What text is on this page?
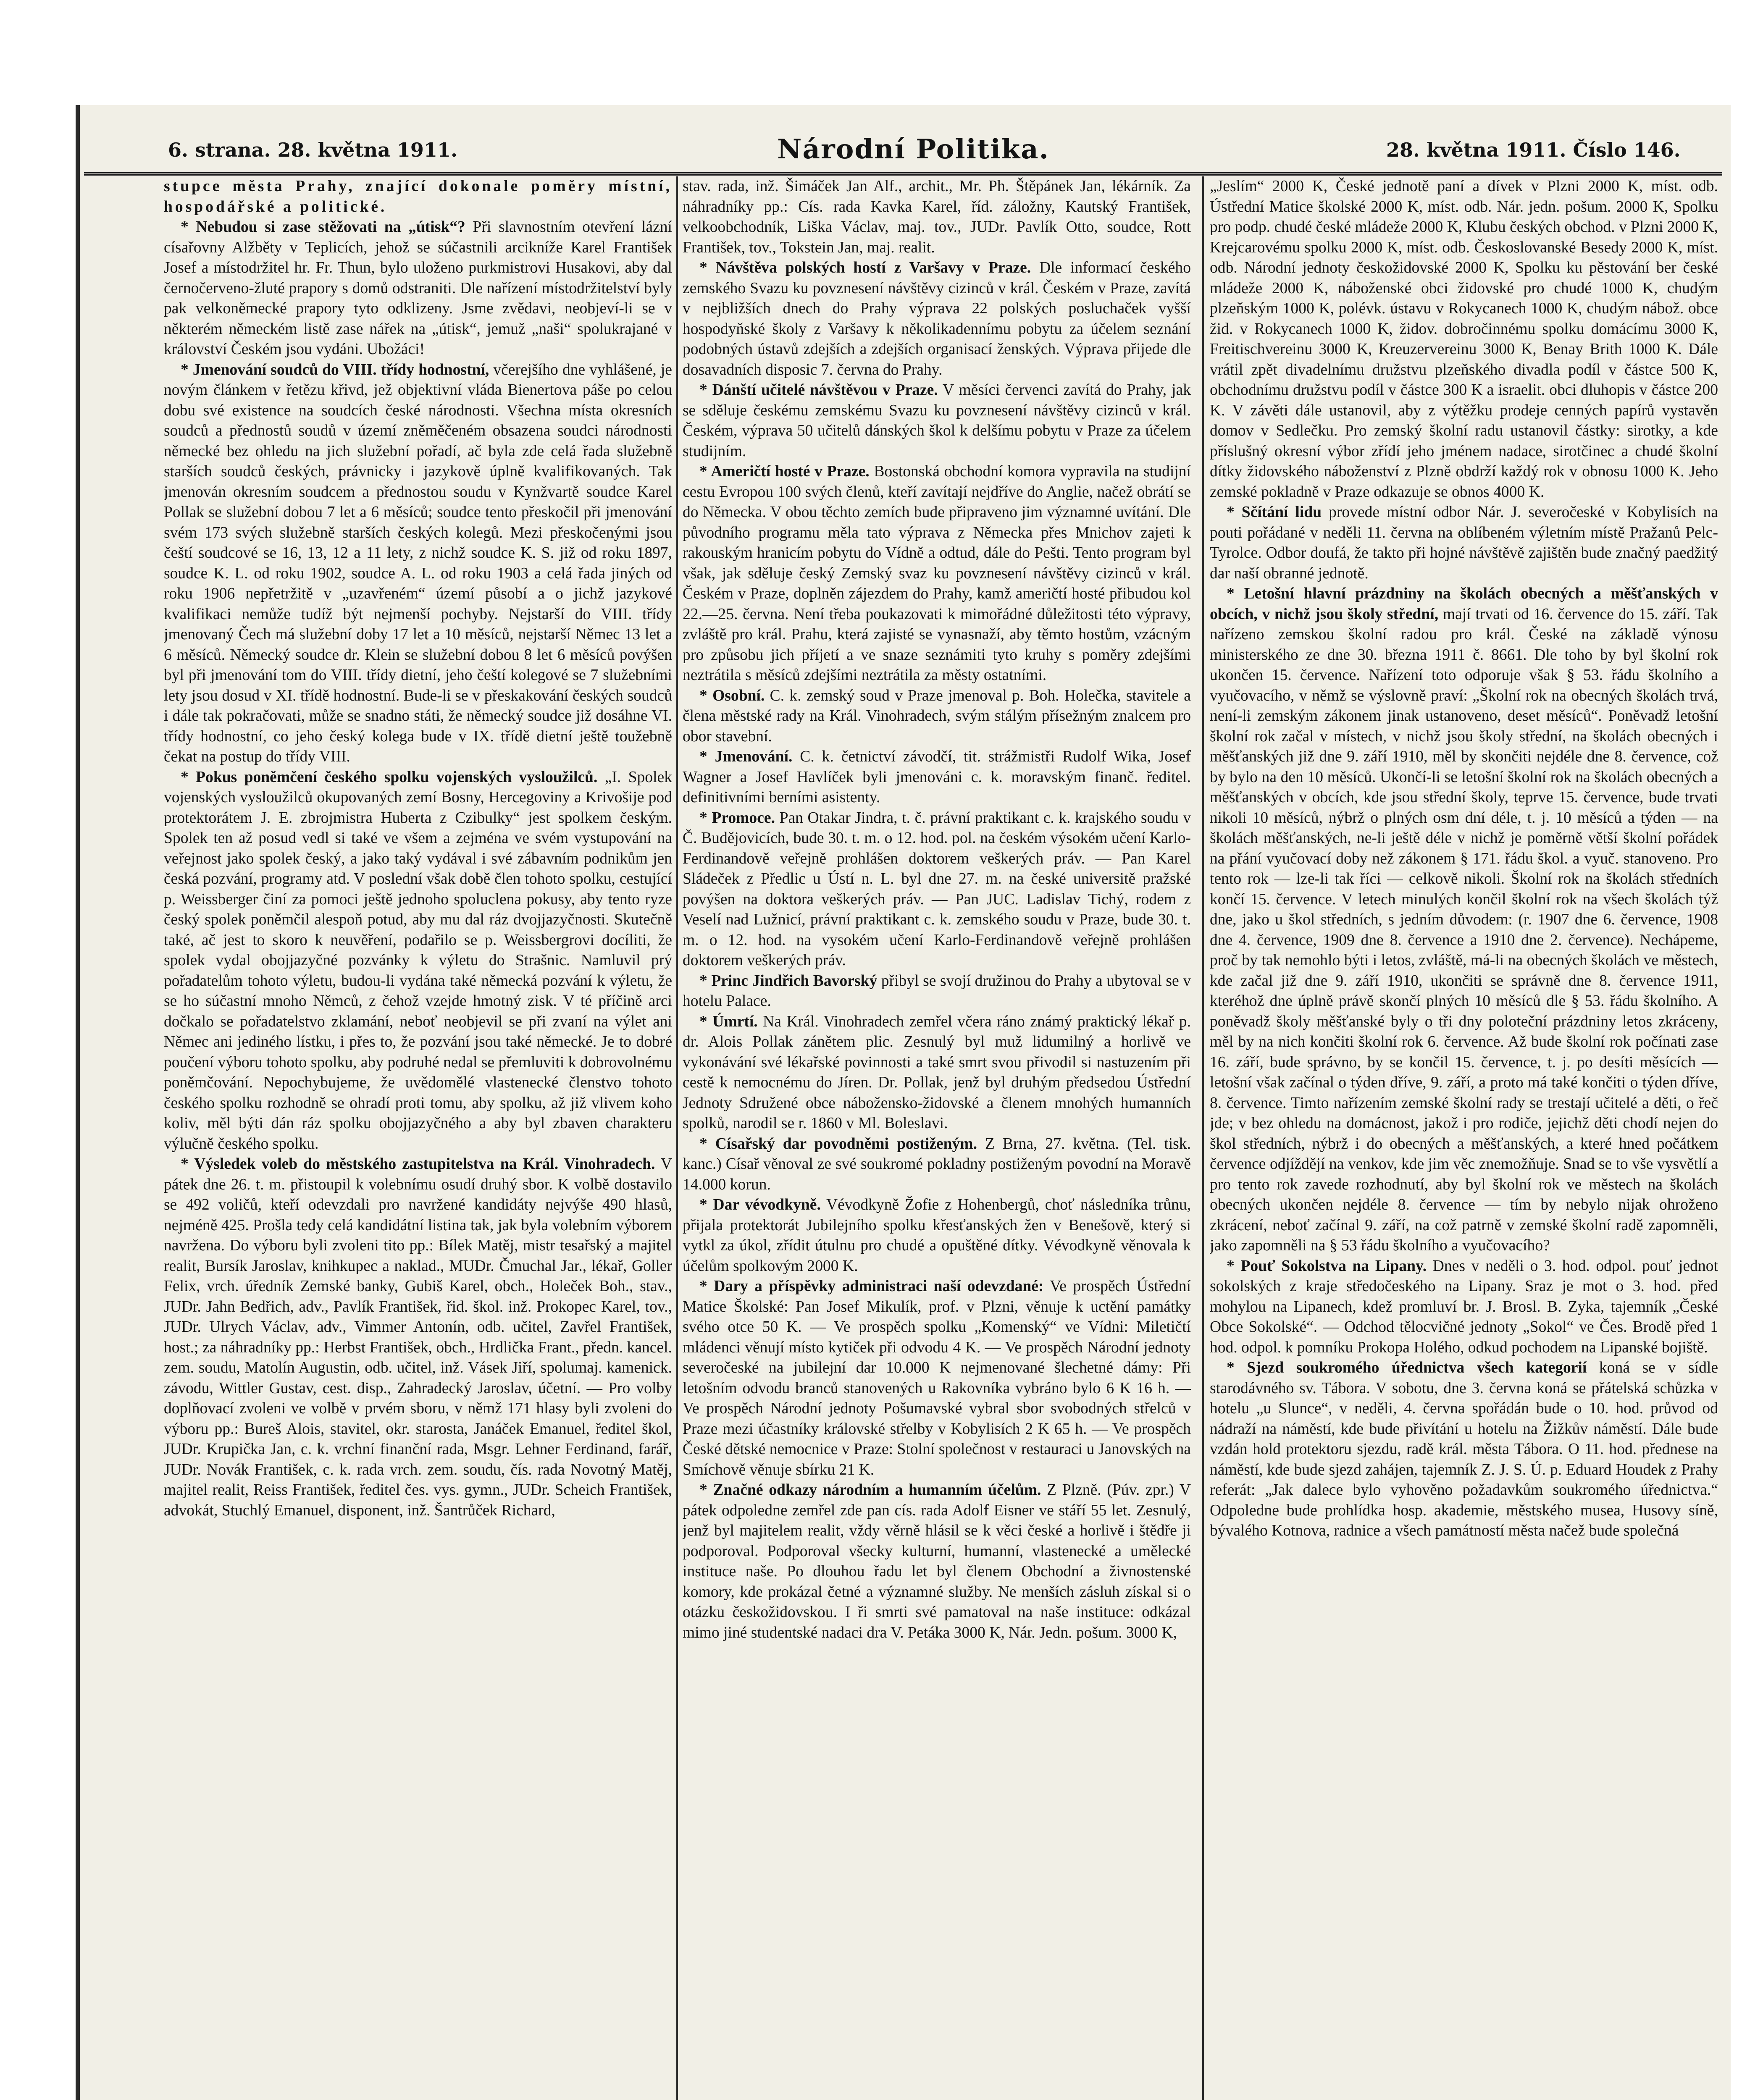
6. strana. 28. května 1911.	Národní Politika.	28. května 1911. Číslo 146.

stupce města Prahy, znající dokonale poměry místní, hospodářské a politické.

* Nebudou si zase stěžovati na „útisk“? Při slavnostním otevření lázní císařovny Alžběty v Teplicích, jehož se súčastnili arcikníže Karel František Josef a místodržitel hr. Fr. Thun, bylo uloženo purkmistrovi Husakovi, aby dal černočerveno-žluté prapory s domů odstraniti. Dle nařízení místodržitelství byly pak velkoněmecké prapory tyto odklizeny. Jsme zvědavi, neobjeví-li se v některém německém listě zase nářek na „útisk“, jemuž „naši“ spolukrajané v království Českém jsou vydáni. Ubožáci!

* Jmenování soudců do VIII. třídy hodnostní, včerejšího dne vyhlášené, je novým článkem v řetězu křivd, jež objektivní vláda Bienertova páše po celou dobu své existence na soudcích české národnosti. Všechna místa okresních soudců a přednostů soudů v území zněměčeném obsazena soudci národnosti německé bez ohledu na jich služební pořadí, ač byla zde celá řada služebně starších soudců českých, právnicky i jazykově úplně kvalifikovaných. Tak jmenován okresním soudcem a přednostou soudu v Kynžvartě soudce Karel Pollak se služební dobou 7 let a 6 měsíců; soudce tento přeskočil při jmenování svém 173 svých služebně starších českých kolegů. Mezi přeskočenými jsou čeští soudcové se 16, 13, 12 a 11 lety, z nichž soudce K. S. již od roku 1897, soudce K. L. od roku 1902, soudce A. L. od roku 1903 a celá řada jiných od roku 1906 nepřetržitě v „uzavřeném“ území působí a o jichž jazykové kvalifikaci nemůže tudíž být nejmenší pochyby. Nejstarší do VIII. třídy jmenovaný Čech má služební doby 17 let a 10 měsíců, nejstarší Němec 13 let a 6 měsíců. Německý soudce dr. Klein se služební dobou 8 let 6 měsíců povýšen byl při jmenování tom do VIII. třídy dietní, jeho čeští kolegové se 7 služebními lety jsou dosud v XI. třídě hodnostní. Bude-li se v přeskakování českých soudců i dále tak pokračovati, může se snadno státi, že německý soudce již dosáhne VI. třídy hodnostní, co jeho český kolega bude v IX. třídě dietní ještě toužebně čekat na postup do třídy VIII.

* Pokus poněmčení českého spolku vojenských vysloužilců. „I. Spolek vojenských vysloužilců okupovaných zemí Bosny, Hercegoviny a Krivošije pod protektorátem J. E. zbrojmistra Huberta z Czibulky“ jest spolkem českým. Spolek ten až posud vedl si také ve všem a zejména ve svém vystupování na veřejnost jako spolek český, a jako taký vydával i své zábavním podnikům jen česká pozvání, programy atd. V poslední však době člen tohoto spolku, cestující p. Weissberger činí za pomoci ještě jednoho spoluclena pokusy, aby tento ryze český spolek poněmčil alespoň potud, aby mu dal ráz dvojjazyčnosti. Skutečně také, ač jest to skoro k neuvěření, podařilo se p. Weissbergrovi docíliti, že spolek vydal obojjazyčné pozvánky k výletu do Strašnic. Namluvil prý pořadatelům tohoto výletu, budou-li vydána také německá pozvání k výletu, že se ho súčastní mnoho Němců, z čehož vzejde hmotný zisk. V té příčině arci dočkalo se pořadatelstvo zklamání, neboť neobjevil se při zvaní na výlet ani Němec ani jediného lístku, i přes to, že pozvání jsou také německé. Je to dobré poučení výboru tohoto spolku, aby podruhé nedal se přemluviti k dobrovolnému poněmčování. Nepochybujeme, že uvědomělé vlastenecké členstvo tohoto českého spolku rozhodně se ohradí proti tomu, aby spolku, až již vlivem koho koliv, měl býti dán ráz spolku obojjazyčného a aby byl zbaven charakteru výlučně českého spolku.

* Výsledek voleb do městského zastupitelstva na Král. Vinohradech. V pátek dne 26. t. m. přistoupil k volebnímu osudí druhý sbor. K volbě dostavilo se 492 voličů, kteří odevzdali pro navržené kandidáty nejvýše 490 hlasů, nejméně 425. Prošla tedy celá kandidátní listina tak, jak byla volebním výborem navržena. Do výboru byli zvoleni tito pp.: Bílek Matěj, mistr tesařský a majitel realit, Bursík Jaroslav, knihkupec a naklad., MUDr. Čmuchal Jar., lékař, Goller Felix, vrch. úředník Zemské banky, Gubiš Karel, obch., Holeček Boh., stav., JUDr. Jahn Bedřich, adv., Pavlík František, řid. škol. inž. Prokopec Karel, tov., JUDr. Ulrych Václav, adv., Vimmer Antonín, odb. učitel, Zavřel František, host.; za náhradníky pp.: Herbst František, obch., Hrdlička Frant., předn. kancel. zem. soudu, Matolín Augustin, odb. učitel, inž. Vásek Jiří, spolumaj. kamenick. závodu, Wittler Gustav, cest. disp., Zahradecký Jaroslav, účetní. — Pro volby doplňovací zvoleni ve volbě v prvém sboru, v němž 171 hlasy byli zvoleni do výboru pp.: Bureš Alois, stavitel, okr. starosta, Janáček Emanuel, ředitel škol, JUDr. Krupička Jan, c. k. vrchní finanční rada, Msgr. Lehner Ferdinand, farář, JUDr. Novák František, c. k. rada vrch. zem. soudu, čís. rada Novotný Matěj, majitel realit, Reiss František, ředitel čes. vys. gymn., JUDr. Scheich František, advokát, Stuchlý Emanuel, disponent, inž. Šantrůček Richard,

stav. rada, inž. Šimáček Jan Alf., archit., Mr. Ph. Štěpánek Jan, lékárník. Za náhradníky pp.: Cís. rada Kavka Karel, říd. záložny, Kautský František, velkoobchodník, Liška Václav, maj. tov., JUDr. Pavlík Otto, soudce, Rott František, tov., Tokstein Jan, maj. realit.

* Návštěva polských hostí z Varšavy v Praze. Dle informací českého zemského Svazu ku povznesení návštěvy cizinců v král. Českém v Praze, zavítá v nejbližších dnech do Prahy výprava 22 polských posluchaček vyšší hospodyňské školy z Varšavy k několikadennímu pobytu za účelem seznání podobných ústavů zdejších a zdejších organisací ženských. Výprava přijede dle dosavadních disposic 7. června do Prahy.

* Dánští učitelé návštěvou v Praze. V měsíci červenci zavítá do Prahy, jak se sděluje českému zemskému Svazu ku povznesení návštěvy cizinců v král. Českém, výprava 50 učitelů dánských škol k delšímu pobytu v Praze za účelem studijním.

* Američtí hosté v Praze. Bostonská obchodní komora vypravila na studijní cestu Evropou 100 svých členů, kteří zavítají nejdříve do Anglie, načež obrátí se do Německa. V obou těchto zemích bude připraveno jim významné uvítání. Dle původního programu měla tato výprava z Německa přes Mnichov zajeti k rakouským hranicím pobytu do Vídně a odtud, dále do Pešti. Tento program byl však, jak sděluje český Zemský svaz ku povznesení návštěvy cizinců v král. Českém v Praze, doplněn zájezdem do Prahy, kamž američtí hosté přibudou kol 22.—25. června. Není třeba poukazovati k mimořádné důležitosti této výpravy, zvláště pro král. Prahu, která zajisté se vynasnaží, aby těmto hostům, vzácným pro způsobu jich příjetí a ve snaze seznámiti tyto kruhy s poměry zdejšími neztrátila s měsíců zdejšími neztrátila za městy ostatními.

* Osobní. C. k. zemský soud v Praze jmenoval p. Boh. Holečka, stavitele a člena městské rady na Král. Vinohradech, svým stálým přísežným znalcem pro obor stavební.

* Jmenování. C. k. četnictví závodčí, tit. strážmistři Rudolf Wika, Josef Wagner a Josef Havlíček byli jmenováni c. k. moravským finanč. ředitel. definitivními berními asistenty.

* Promoce. Pan Otakar Jindra, t. č. právní praktikant c. k. krajského soudu v Č. Budějovicích, bude 30. t. m. o 12. hod. pol. na českém výsokém učení Karlo-Ferdinandově veřejně prohlášen doktorem veškerých práv. — Pan Karel Sládeček z Předlic u Ústí n. L. byl dne 27. m. na české universitě pražské povýšen na doktora veškerých práv. — Pan JUC. Ladislav Tichý, rodem z Veselí nad Lužnicí, právní praktikant c. k. zemského soudu v Praze, bude 30. t. m. o 12. hod. na vysokém učení Karlo-Ferdinandově veřejně prohlášen doktorem veškerých práv.

* Princ Jindřich Bavorský přibyl se svojí družinou do Prahy a ubytoval se v hotelu Palace.

* Úmrtí. Na Král. Vinohradech zemřel včera ráno známý praktický lékař p. dr. Alois Pollak zánětem plic. Zesnulý byl muž lidumilný a horlivě ve vykonávání své lékařské povinnosti a také smrt svou přivodil si nastuzením při cestě k nemocnému do Jíren. Dr. Pollak, jenž byl druhým předsedou Ústřední Jednoty Sdružené obce nábožensko-židovské a členem mnohých humanních spolků, narodil se r. 1860 v Ml. Boleslavi.

* Císařský dar povodněmi postiženým. Z Brna, 27. května. (Tel. tisk. kanc.) Císař věnoval ze své soukromé pokladny postiženým povodní na Moravě 14.000 korun.

* Dar vévodkyně. Vévodkyně Žofie z Hohenbergů, choť následníka trůnu, přijala protektorát Jubilejního spolku křesťanských žen v Benešově, který si vytkl za úkol, zřídit útulnu pro chudé a opuštěné dítky. Vévodkyně věnovala k účelům spolkovým 2000 K.

* Dary a příspěvky administraci naší odevzdané: Ve prospěch Ústřední Matice Školské: Pan Josef Mikulík, prof. v Plzni, věnuje k uctění památky svého otce 50 K. — Ve prospěch spolku „Komenský“ ve Vídni: Miletičtí mládenci věnují místo kytiček při odvodu 4 K. — Ve prospěch Národní jednoty severočeské na jubilejní dar 10.000 K nejmenované šlechetné dámy: Při letošním odvodu branců stanovených u Rakovníka vybráno bylo 6 K 16 h. — Ve prospěch Národní jednoty Pošumavské vybral sbor svobodných střelců v Praze mezi účastníky královské střelby v Kobylisích 2 K 65 h. — Ve prospěch České dětské nemocnice v Praze: Stolní společnost v restauraci u Janovských na Smíchově věnuje sbírku 21 K.

* Značné odkazy národním a humanním účelům. Z Plzně. (Púv. zpr.) V pátek odpoledne zemřel zde pan cís. rada Adolf Eisner ve stáří 55 let. Zesnulý, jenž byl majitelem realit, vždy věrně hlásil se k věci české a horlivě i štědře ji podporoval. Podporoval všecky kulturní, humanní, vlastenecké a umělecké instituce naše. Po dlouhou řadu let byl členem Obchodní a živnostenské komory, kde prokázal četné a významné služby. Ne menších zásluh získal si o otázku českožidovskou. I ři smrti své pamatoval na naše instituce: odkázal mimo jiné studentské nadaci dra V. Petáka 3000 K, Nár. Jedn. pošum. 3000 K,

„Jeslím“ 2000 K, České jednotě paní a dívek v Plzni 2000 K, míst. odb. Ústřední Matice školské 2000 K, míst. odb. Nár. jedn. pošum. 2000 K, Spolku pro podp. chudé české mládeže 2000 K, Klubu českých obchod. v Plzni 2000 K, Krejcarovému spolku 2000 K, míst. odb. Českoslovanské Besedy 2000 K, míst. odb. Národní jednoty českožidovské 2000 K, Spolku ku pěstování ber české mládeže 2000 K, náboženské obci židovské pro chudé 1000 K, chudým plzeňským 1000 K, polévk. ústavu v Rokycanech 1000 K, chudým nábož. obce žid. v Rokycanech 1000 K, židov. dobročinnému spolku domácímu 3000 K, Freitischvereinu 3000 K, Kreuzervereinu 3000 K, Benay Brith 1000 K. Dále vrátil zpět divadelnímu družstvu plzeňského divadla podíl v částce 500 K, obchodnímu družstvu podíl v částce 300 K a israelit. obci dluhopis v částce 200 K. V závěti dále ustanovil, aby z výtěžku prodeje cenných papírů vystavěn domov v Sedlečku. Pro zemský školní radu ustanovil částky: sirotky, a kde příslušný okresní výbor zřídí jeho jménem nadace, sirotčinec a chudé školní dítky židovského náboženství z Plzně obdrží každý rok v obnosu 1000 K. Jeho zemské pokladně v Praze odkazuje se obnos 4000 K.

* Sčítání lidu provede místní odbor Nár. J. severočeské v Kobylisích na pouti pořádané v neděli 11. června na oblíbeném výletním místě Pražanů Pelc-Tyrolce. Odbor doufá, že takto při hojné návštěvě zajištěn bude značný paedžitý dar naší obranné jednotě.

* Letošní hlavní prázdniny na školách obecných a měšťanských v obcích, v nichž jsou školy střední, mají trvati od 16. července do 15. září. Tak nařízeno zemskou školní radou pro král. České na základě výnosu ministerského ze dne 30. března 1911 č. 8661. Dle toho by byl školní rok ukončen 15. července. Nařízení toto odporuje však § 53. řádu školního a vyučovacího, v němž se výslovně praví: „Školní rok na obecných školách trvá, není-li zemským zákonem jinak ustanoveno, deset měsíců“. Poněvadž letošní školní rok začal v místech, v nichž jsou školy střední, na školách obecných i měšťanských již dne 9. září 1910, měl by skončiti nejdéle dne 8. července, což by bylo na den 10 měsíců. Ukončí-li se letošní školní rok na školách obecných a měšťanských v obcích, kde jsou střední školy, teprve 15. července, bude trvati nikoli 10 měsíců, nýbrž o plných osm dní déle, t. j. 10 měsíců a týden — na školách měšťanských, ne-li ještě déle v nichž je poměrně větší školní pořádek na přání vyučovací doby než zákonem § 171. řádu škol. a vyuč. stanoveno. Pro tento rok — lze-li tak říci — celkově nikoli. Školní rok na školách středních končí 15. července. V letech minulých končil školní rok na všech školách týž dne, jako u škol středních, s jedním důvodem: (r. 1907 dne 6. července, 1908 dne 4. července, 1909 dne 8. července a 1910 dne 2. července). Nechápeme, proč by tak nemohlo býti i letos, zvláště, má-li na obecných školách ve městech, kde začal již dne 9. září 1910, ukončiti se správně dne 8. července 1911, kteréhož dne úplně právě skončí plných 10 měsíců dle § 53. řádu školního. A poněvadž školy měšťanské byly o tři dny poloteční prázdniny letos zkráceny, měl by na nich končiti školní rok 6. července. Až bude školní rok počínati zase 16. září, bude správno, by se končil 15. července, t. j. po desíti měsících — letošní však začínal o týden dříve, 9. září, a proto má také končiti o týden dříve, 8. července. Timto nařízením zemské školní rady se trestají učitelé a děti, o řeč jde; v bez ohledu na domácnost, jakož i pro rodiče, jejichž děti chodí nejen do škol středních, nýbrž i do obecných a měšťanských, a které hned počátkem července odjíždějí na venkov, kde jim věc znemožňuje. Snad se to vše vysvětlí a pro tento rok zavede rozhodnutí, aby byl školní rok ve městech na školách obecných ukončen nejdéle 8. července — tím by nebylo nijak ohroženo zkrácení, neboť začínal 9. září, na což patrně v zemské školní radě zapomněli, jako zapomněli na § 53 řádu školního a vyučovacího?

* Pouť Sokolstva na Lipany. Dnes v neděli o 3. hod. odpol. pouť jednot sokolských z kraje středočeského na Lipany. Sraz je mot o 3. hod. před mohylou na Lipanech, kdež promluví br. J. Brosl. B. Zyka, tajemník „České Obce Sokolské“. — Odchod tělocvičné jednoty „Sokol“ ve Čes. Brodě před 1 hod. odpol. k pomníku Prokopa Holého, odkud pochodem na Lipanské bojiště.

* Sjezd soukromého úřednictva všech kategorií koná se v sídle starodávného sv. Tábora. V sobotu, dne 3. června koná se přátelská schůzka v hotelu „u Slunce“, v neděli, 4. června spořádán bude o 10. hod. průvod od nádraží na náměstí, kde bude přivítání u hotelu na Žižkův náměstí. Dále bude vzdán hold protektoru sjezdu, radě král. města Tábora. O 11. hod. přednese na náměstí, kde bude sjezd zahájen, tajemník Z. J. S. Ú. p. Eduard Houdek z Prahy referát: „Jak dalece bylo vyhověno požadavkům soukromého úřednictva.“ Odpoledne bude prohlídka hosp. akademie, městského musea, Husovy síně, bývalého Kotnova, radnice a všech památností města načež bude společná
